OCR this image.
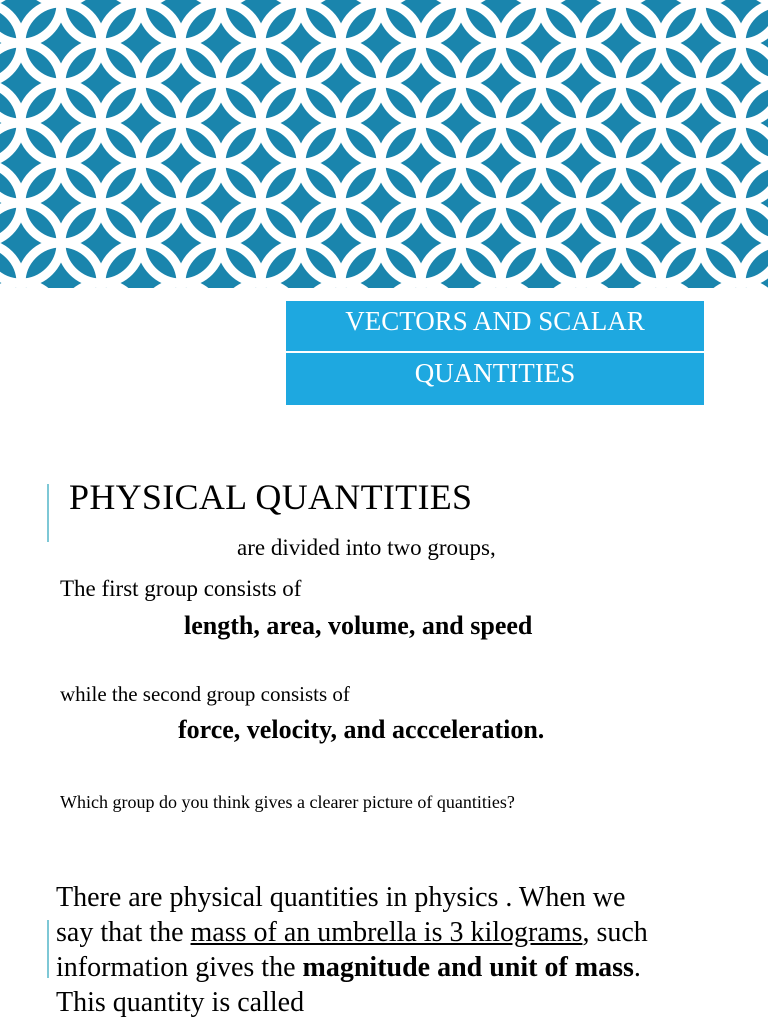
VECTORS AND SCALAR
QUANTITIES
PHYSICAL QUANTITIES
are divided into two groups,
The first group consists of
length, area, volume, and speed
while the second group consists of
force, velocity, and accceleration.
Which group do you think gives a clearer picture of quantities?
There are physical quantities in physics . When we
say that the mass of an umbrella is 3 kilograms, such
information gives the magnitude and unit of mass.
This quantity is called
